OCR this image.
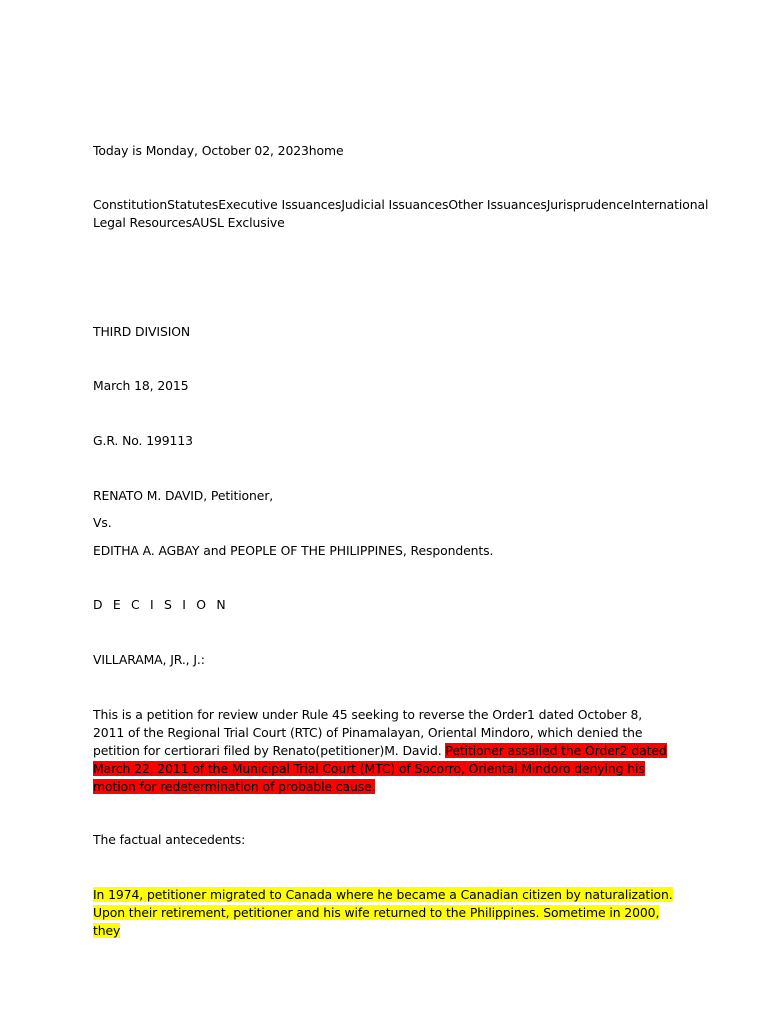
Today is Monday, October 02, 2023home
ConstitutionStatutesExecutive IssuancesJudicial IssuancesOther IssuancesJurisprudenceInternational
Legal ResourcesAUSL Exclusive
THIRD DIVISION
March 18, 2015
G.R. No. 199113
RENATO M. DAVID, Petitioner,
Vs.
EDITHA A. AGBAY and PEOPLE OF THE PHILIPPINES, Respondents.
D E C I S I O N
VILLARAMA, JR., J.:
This is a petition for review under Rule 45 seeking to reverse the Order1 dated October 8, 2011 of the Regional Trial Court (RTC) of Pinamalayan, Oriental Mindoro, which denied the petition for certiorari filed by Renato(petitioner)M. David. Petitioner assailed the Order2 dated March 22, 2011 of the Municipal Trial Court (MTC) of Socorro, Oriental Mindoro denying his motion for redetermination of probable cause.
The factual antecedents:
In 1974, petitioner migrated to Canada where he became a Canadian citizen by naturalization. Upon their retirement, petitioner and his wife returned to the Philippines. Sometime in 2000, they
